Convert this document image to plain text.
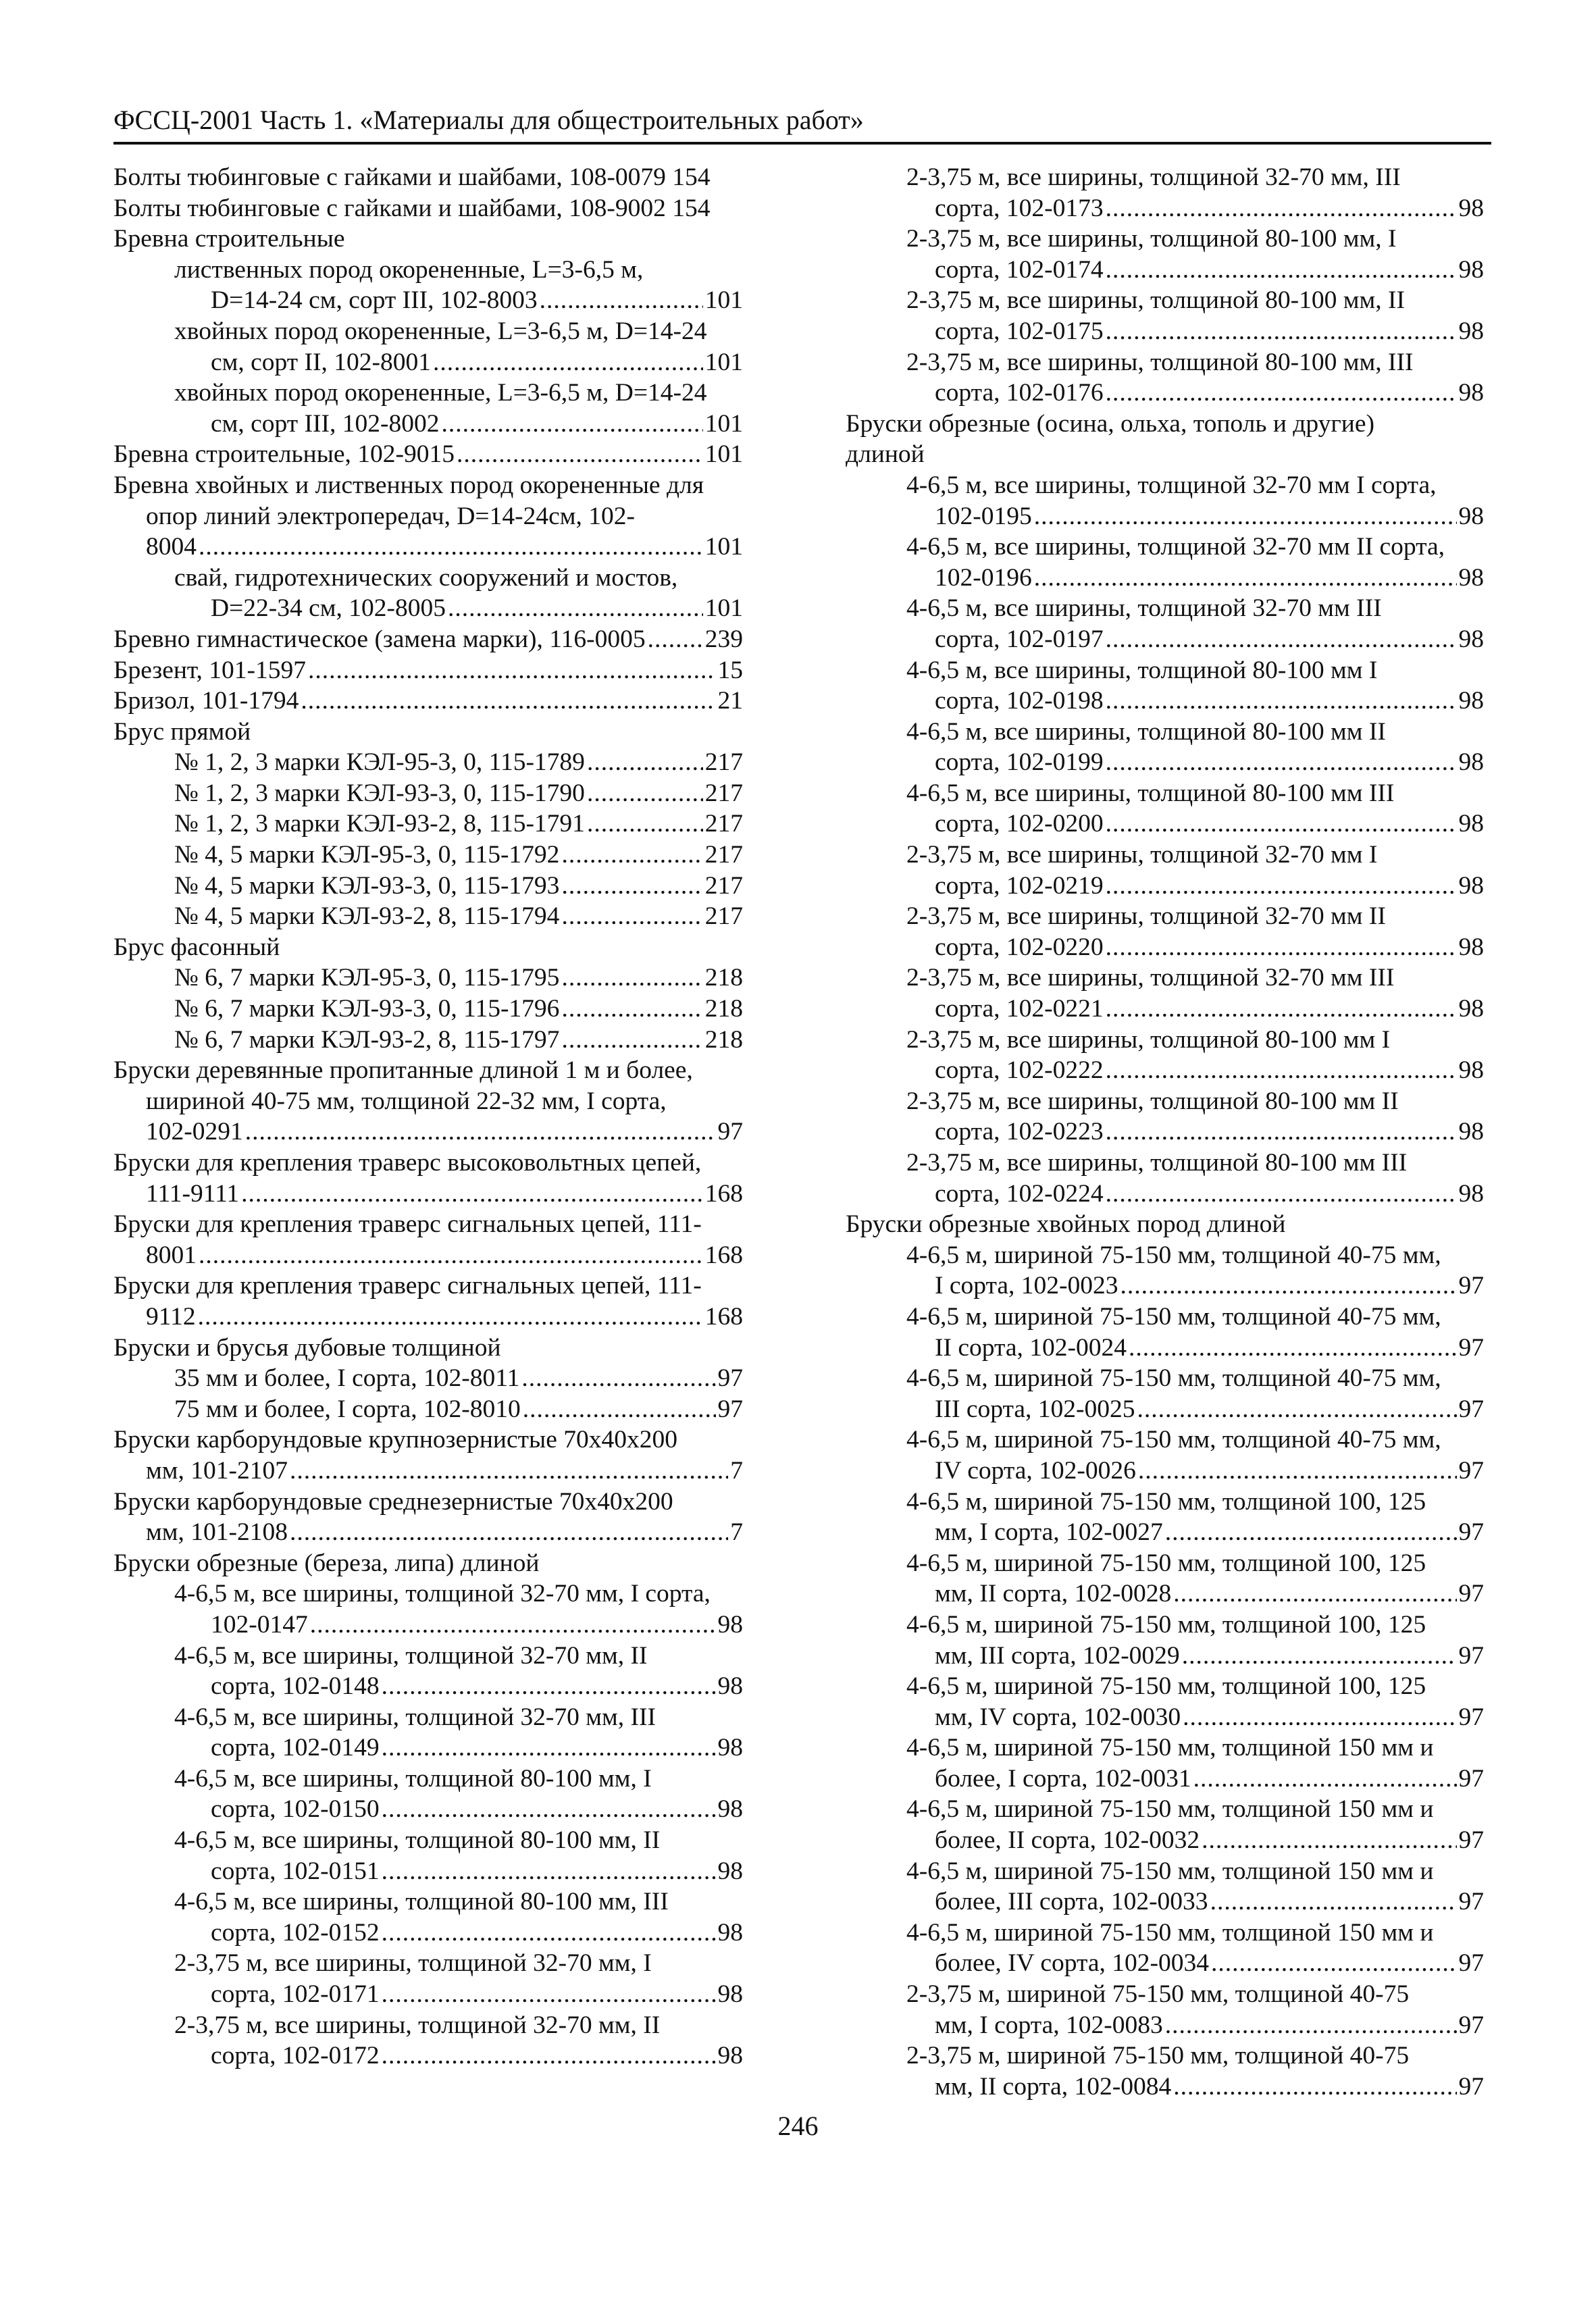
ФССЦ-2001 Часть 1. «Материалы для общестроительных работ»
Болты тюбинговые с гайками и шайбами, 108-0079 154
Болты тюбинговые с гайками и шайбами, 108-9002 154
Бревна строительные
лиственных пород окорененные, L=3-6,5 м,
D=14-24 см, сорт III, 102-8003 .....	101
хвойных пород окорененные, L=3-6,5 м, D=14-24
см, сорт II, 102-8001 .....	101
хвойных пород окорененные, L=3-6,5 м, D=14-24
см, сорт III, 102-8002 .....	101
Бревна строительные, 102-9015 .....	101
Бревна хвойных и лиственных пород окорененные для
опор линий электропередач, D=14-24см, 102-
8004 .....	101
свай, гидротехнических сооружений и мостов,
D=22-34 см, 102-8005 .....	101
Бревно гимнастическое (замена марки), 116-0005 ..... 239
Брезент, 101-1597 .....	15
Бризол, 101-1794 .....	21
Брус прямой
№ 1, 2, 3 марки КЭЛ-95-3, 0, 115-1789 .....	217
№ 1, 2, 3 марки КЭЛ-93-3, 0, 115-1790 .....	217
№ 1, 2, 3 марки КЭЛ-93-2, 8, 115-1791 .....	217
№ 4, 5 марки КЭЛ-95-3, 0, 115-1792 .....	217
№ 4, 5 марки КЭЛ-93-3, 0, 115-1793 .....	217
№ 4, 5 марки КЭЛ-93-2, 8, 115-1794 .....	217
Брус фасонный
№ 6, 7 марки КЭЛ-95-3, 0, 115-1795 .....	218
№ 6, 7 марки КЭЛ-93-3, 0, 115-1796 .....	218
№ 6, 7 марки КЭЛ-93-2, 8, 115-1797 .....	218
Бруски деревянные пропитанные длиной 1 м и более,
шириной 40-75 мм, толщиной 22-32 мм, I сорта,
102-0291 .....	97
Бруски для крепления траверс высоковольтных цепей,
111-9111 .....	168
Бруски для крепления траверс сигнальных цепей, 111-
8001 .....	168
Бруски для крепления траверс сигнальных цепей, 111-
9112 .....	168
Бруски и брусья дубовые толщиной
35 мм и более, I сорта, 102-8011 .....	97
75 мм и более, I сорта, 102-8010 .....	97
Бруски карборундовые крупнозернистые 70х40х200
мм, 101-2107 .....	7
Бруски карборундовые среднезернистые 70х40х200
мм, 101-2108 .....	7
Бруски обрезные (береза, липа) длиной
4-6,5 м, все ширины, толщиной 32-70 мм, I сорта,
102-0147 .....	98
4-6,5 м, все ширины, толщиной 32-70 мм, II
сорта, 102-0148 .....	98
4-6,5 м, все ширины, толщиной 32-70 мм, III
сорта, 102-0149 .....	98
4-6,5 м, все ширины, толщиной 80-100 мм, I
сорта, 102-0150 .....	98
4-6,5 м, все ширины, толщиной 80-100 мм, II
сорта, 102-0151 .....	98
4-6,5 м, все ширины, толщиной 80-100 мм, III
сорта, 102-0152 .....	98
2-3,75 м, все ширины, толщиной 32-70 мм, I
сорта, 102-0171 .....	98
2-3,75 м, все ширины, толщиной 32-70 мм, II
сорта, 102-0172 .....	98
2-3,75 м, все ширины, толщиной 32-70 мм, III
сорта, 102-0173 .....	98
2-3,75 м, все ширины, толщиной 80-100 мм, I
сорта, 102-0174 .....	98
2-3,75 м, все ширины, толщиной 80-100 мм, II
сорта, 102-0175 .....	98
2-3,75 м, все ширины, толщиной 80-100 мм, III
сорта, 102-0176 .....	98
Бруски обрезные (осина, ольха, тополь и другие)
длиной
4-6,5 м, все ширины, толщиной 32-70 мм I сорта,
102-0195 .....	98
4-6,5 м, все ширины, толщиной 32-70 мм II сорта,
102-0196 .....	98
4-6,5 м, все ширины, толщиной 32-70 мм III
сорта, 102-0197 .....	98
4-6,5 м, все ширины, толщиной 80-100 мм I
сорта, 102-0198 .....	98
4-6,5 м, все ширины, толщиной 80-100 мм II
сорта, 102-0199 .....	98
4-6,5 м, все ширины, толщиной 80-100 мм III
сорта, 102-0200 .....	98
2-3,75 м, все ширины, толщиной 32-70 мм I
сорта, 102-0219 .....	98
2-3,75 м, все ширины, толщиной 32-70 мм II
сорта, 102-0220 .....	98
2-3,75 м, все ширины, толщиной 32-70 мм III
сорта, 102-0221 .....	98
2-3,75 м, все ширины, толщиной 80-100 мм I
сорта, 102-0222 .....	98
2-3,75 м, все ширины, толщиной 80-100 мм II
сорта, 102-0223 .....	98
2-3,75 м, все ширины, толщиной 80-100 мм III
сорта, 102-0224 .....	98
Бруски обрезные хвойных пород длиной
4-6,5 м, шириной 75-150 мм, толщиной 40-75 мм,
I сорта, 102-0023 .....	97
4-6,5 м, шириной 75-150 мм, толщиной 40-75 мм,
II сорта, 102-0024 .....	97
4-6,5 м, шириной 75-150 мм, толщиной 40-75 мм,
III сорта, 102-0025 .....	97
4-6,5 м, шириной 75-150 мм, толщиной 40-75 мм,
IV сорта, 102-0026 .....	97
4-6,5 м, шириной 75-150 мм, толщиной 100, 125
мм, I сорта, 102-0027 .....	97
4-6,5 м, шириной 75-150 мм, толщиной 100, 125
мм, II сорта, 102-0028 .....	97
4-6,5 м, шириной 75-150 мм, толщиной 100, 125
мм, III сорта, 102-0029 .....	97
4-6,5 м, шириной 75-150 мм, толщиной 100, 125
мм, IV сорта, 102-0030 .....	97
4-6,5 м, шириной 75-150 мм, толщиной 150 мм и
более, I сорта, 102-0031 .....	97
4-6,5 м, шириной 75-150 мм, толщиной 150 мм и
более, II сорта, 102-0032 .....	97
4-6,5 м, шириной 75-150 мм, толщиной 150 мм и
более, III сорта, 102-0033 .....	97
4-6,5 м, шириной 75-150 мм, толщиной 150 мм и
более, IV сорта, 102-0034 .....	97
2-3,75 м, шириной 75-150 мм, толщиной 40-75
мм, I сорта, 102-0083 .....	97
2-3,75 м, шириной 75-150 мм, толщиной 40-75
мм, II сорта, 102-0084 .....	97
246
